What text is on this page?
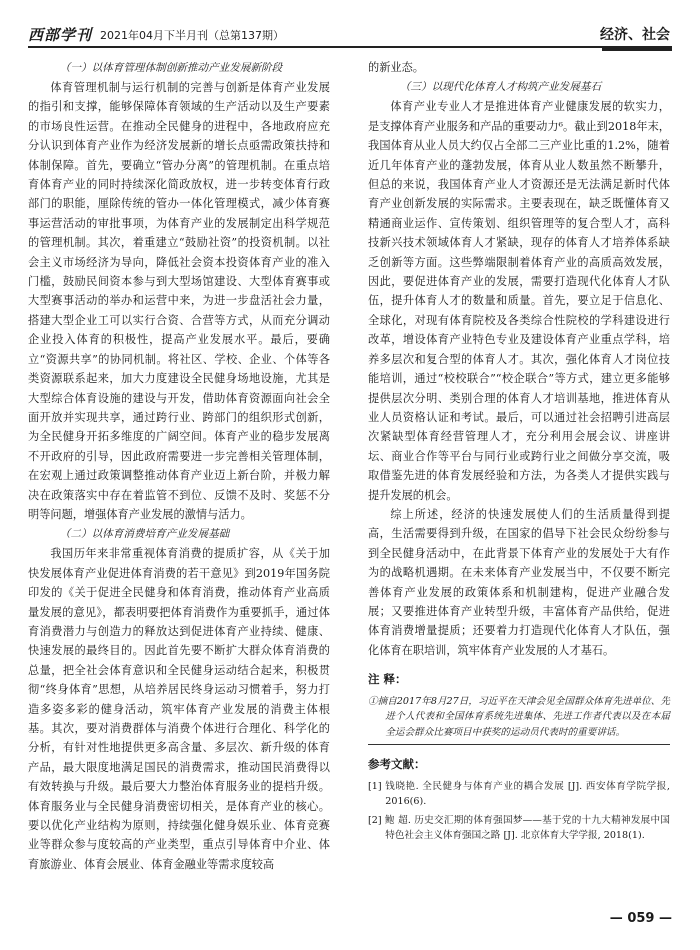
西部学刊 2021年04月下半月刊（总第137期）	经济、社会

（一）以体育管理体制创新推动产业发展新阶段

体育管理机制与运行机制的完善与创新是体育产业发展的指引和支撑，能够保障体育领域的生产活动以及生产要素的市场良性运营。在推动全民健身的进程中，各地政府应充分认识到体育产业作为经济发展新的增长点亟需政策扶持和体制保障。首先，要确立“管办分离”的管理机制。在重点培育体育产业的同时持续深化简政放权，进一步转变体育行政部门的职能，厘除传统的管办一体化管理模式，减少体育赛事运营活动的审批事项，为体育产业的发展制定出科学规范的管理机制。其次，着重建立“鼓励社资”的投资机制。以社会主义市场经济为导向，降低社会资本投资体育产业的准入门槛，鼓励民间资本参与到大型场馆建设、大型体育赛事或大型赛事活动的举办和运营中来，为进一步盘活社会力量，搭建大型企业工可以实行合资、合营等方式，从而充分调动企业投入体育的积极性，提高产业发展水平。最后，要确立“资源共享”的协同机制。将社区、学校、企业、个体等各类资源联系起来，加大力度建设全民健身场地设施，尤其是大型综合体育设施的建设与开发，借助体育资源面向社会全面开放并实现共享，通过跨行业、跨部门的组织形式创新，为全民健身开拓多维度的广阔空间。体育产业的稳步发展离不开政府的引导，因此政府需要进一步完善相关管理体制，在宏观上通过政策调整推动体育产业迈上新台阶，并极力解决在政策落实中存在着监管不到位、反馈不及时、奖惩不分明等问题，增强体育产业发展的激情与活力。

（二）以体育消费培育产业发展基础

我国历年来非常重视体育消费的提质扩容，从《关于加快发展体育产业促进体育消费的若干意见》到2019年国务院印发的《关于促进全民健身和体育消费，推动体育产业高质量发展的意见》，都表明要把体育消费作为重要抓手，通过体育消费潜力与创造力的释放达到促进体育产业持续、健康、快速发展的最终目的。因此首先要不断扩大群众体育消费的总量，把全社会体育意识和全民健身运动结合起来，积极贯彻“终身体育”思想，从培养居民终身运动习惯着手，努力打造多姿多彩的健身活动，筑牢体育产业发展的消费主体根基。其次，要对消费群体与消费个体进行合理化、科学化的分析，有针对性地提供更多高含量、多层次、新升级的体育产品，最大限度地满足国民的消费需求，推动国民消费得以有效转换与升级。最后要大力整治体育服务业的提档升级。体育服务业与全民健身消费密切相关，是体育产业的核心。要以优化产业结构为原则，持续强化健身娱乐业、体育竞赛业等群众参与度较高的产业类型，重点引导体育中介业、体育旅游业、体育会展业、体育金融业等需求度较高

的新业态。

（三）以现代化体育人才构筑产业发展基石

体育产业专业人才是推进体育产业健康发展的软实力，是支撑体育产业服务和产品的重要动力⁶。截止到2018年末，我国体育从业人员大约仅占全部二三产业比重的1.2%，随着近几年体育产业的蓬勃发展，体育从业人数虽然不断攀升，但总的来说，我国体育产业人才资源还是无法满足新时代体育产业创新发展的实际需求。主要表现在，缺乏既懂体育又精通商业运作、宣传策划、组织管理等的复合型人才，高科技新兴技术领域体育人才紧缺，现存的体育人才培养体系缺乏创新等方面。这些弊端限制着体育产业的高质高效发展，因此，要促进体育产业的发展，需要打造现代化体育人才队伍，提升体育人才的数量和质量。首先，要立足于信息化、全球化，对现有体育院校及各类综合性院校的学科建设进行改革，增设体育产业特色专业及建设体育产业重点学科，培养多层次和复合型的体育人才。其次，强化体育人才岗位技能培训，通过“校校联合”“校企联合”等方式，建立更多能够提供层次分明、类别合理的体育人才培训基地，推进体育从业人员资格认证和考试。最后，可以通过社会招聘引进高层次紧缺型体育经营管理人才，充分利用会展会议、讲座讲坛、商业合作等平台与同行业或跨行业之间做分享交流，吸取借鉴先进的体育发展经验和方法，为各类人才提供实践与提升发展的机会。

综上所述，经济的快速发展使人们的生活质量得到提高，生活需要得到升级，在国家的倡导下社会民众纷纷参与到全民健身活动中，在此背景下体育产业的发展处于大有作为的战略机遇期。在未来体育产业发展当中，不仅要不断完善体育产业发展的政策体系和机制建构，促进产业融合发展；又要推进体育产业转型升级，丰富体育产品供给，促进体育消费增量提质；还要着力打造现代化体育人才队伍，强化体育在职培训，筑牢体育产业发展的人才基石。

注 释：
①摘自2017年8月27日，习近平在天津会见全国群众体育先进单位、先进个人代表和全国体育系统先进集体、先进工作者代表以及在本届全运会群众比赛项目中获奖的运动员代表时的重要讲话。
参考文献：
[1] 钱晓艳. 全民健身与体育产业的耦合发展 [J]. 西安体育学院学报, 2016(6).
[2] 鲍 超. 历史交汇期的体育强国梦——基于党的十九大精神发展中国特色社会主义体育强国之路 [J]. 北京体育大学学报, 2018(1).
— 059 —
